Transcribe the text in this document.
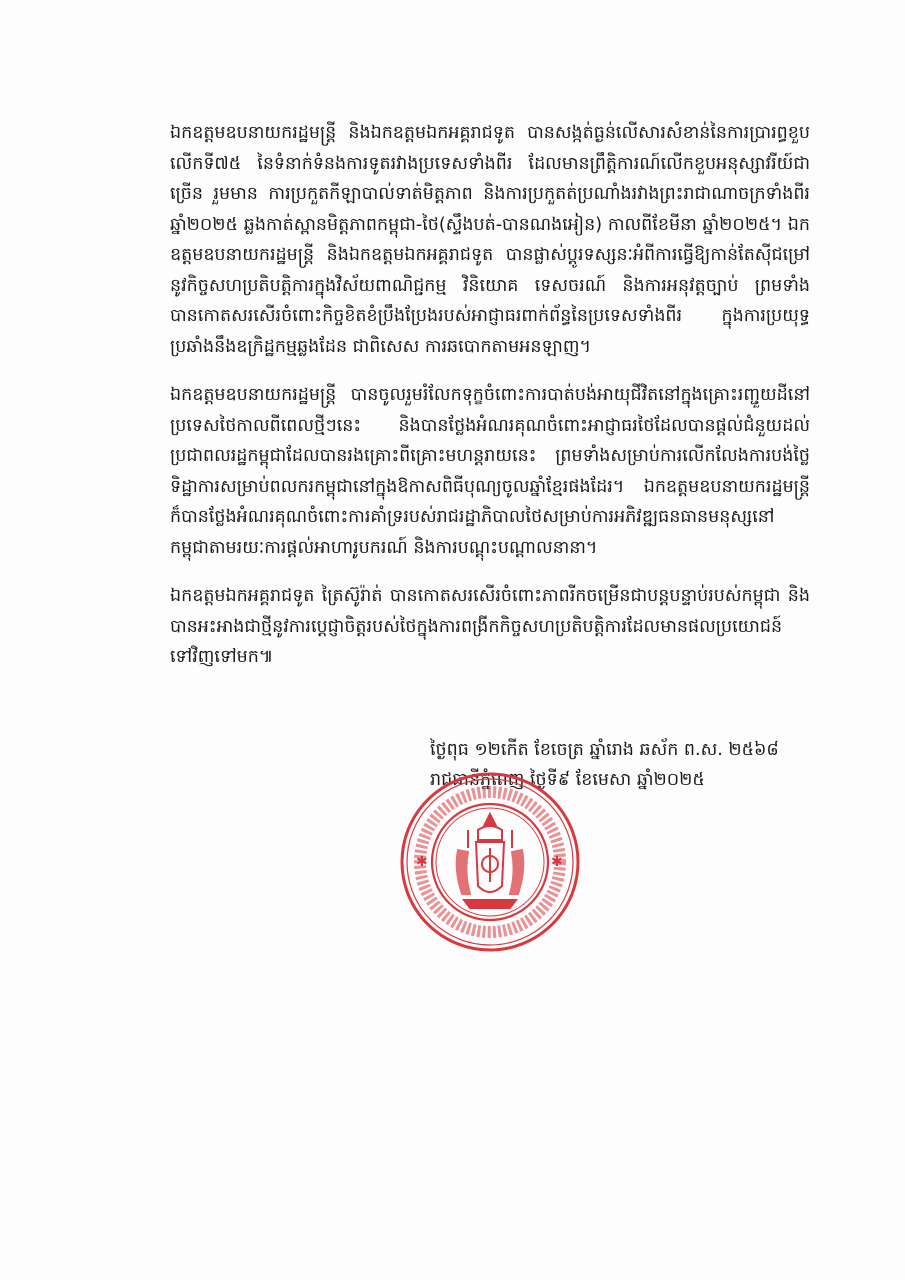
ឯកឧត្តមឧបនាយករដ្ឋមន្ត្រី និងឯកឧត្តមឯកអគ្គរាជទូត បានសង្កត់ធ្ងន់លើសារសំខាន់នៃការប្រារព្ធខួបលើកទី៧៥ នៃទំនាក់ទំនងការទូតរវាងប្រទេសទាំងពីរ ដែលមានព្រឹត្តិការណ៍លើកខួបអនុស្សាវរីយ៍ជាច្រើន រួមមាន ការប្រកួតកីឡាបាល់ទាត់មិត្តភាព និងការប្រកួតត់ប្រណាំងរវាងព្រះរាជាណាចក្រទាំងពីរ ឆ្នាំ២០២៥ ឆ្លងកាត់ស្ពានមិត្តភាពកម្ពុជា-ថៃ(ស្ទឹងបត់-បានណងអៀន) កាលពីខែមីនា ឆ្នាំ២០២៥។ ឯកឧត្តមឧបនាយករដ្ឋមន្ត្រី និងឯកឧត្តមឯកអគ្គរាជទូត បានផ្លាស់ប្តូរទស្សនៈអំពីការធ្វើឱ្យកាន់តែស៊ីជម្រៅនូវកិច្ចសហប្រតិបត្តិការក្នុងវិស័យពាណិជ្ជកម្ម វិនិយោគ ទេសចរណ៍ និងការអនុវត្តច្បាប់ ព្រមទាំងបានកោតសរសើរចំពោះកិច្ចខិតខំប្រឹងប្រែងរបស់អាជ្ញាធរពាក់ព័ន្ធនៃប្រទេសទាំងពីរ ក្នុងការប្រយុទ្ធប្រឆាំងនឹងឧក្រិដ្ឋកម្មឆ្លងដែន ជាពិសេស ការឆបោកតាមអនឡាញ។

ឯកឧត្តមឧបនាយករដ្ឋមន្ត្រី បានចូលរួមរំលែកទុក្ខចំពោះការបាត់បង់អាយុជីវិតនៅក្នុងគ្រោះរញ្ជួយដីនៅប្រទេសថៃកាលពីពេលថ្មីៗនេះ និងបានថ្លែងអំណរគុណចំពោះអាជ្ញាធរថៃដែលបានផ្តល់ជំនួយដល់ប្រជាពលរដ្ឋកម្ពុជាដែលបានរងគ្រោះពីគ្រោះមហន្តរាយនេះ ព្រមទាំងសម្រាប់ការលើកលែងការបង់ថ្លៃទិដ្ឋាការសម្រាប់ពលករកម្ពុជានៅក្នុងឱកាសពិធីបុណ្យចូលឆ្នាំខ្មែរផងដែរ។ ឯកឧត្តមឧបនាយករដ្ឋមន្ត្រីក៏បានថ្លែងអំណរគុណចំពោះការគាំទ្ររបស់រាជរដ្ឋាភិបាលថៃសម្រាប់ការអភិវឌ្ឍធនធានមនុស្សនៅកម្ពុជាតាមរយៈការផ្តល់អាហារូបករណ៍ និងការបណ្តុះបណ្តាលនានា។

ឯកឧត្តមឯកអគ្គរាជទូត ត្រៃស៊ូរ៉ាត់ បានកោតសរសើរចំពោះភាពរីកចម្រើនជាបន្តបន្ទាប់របស់កម្ពុជា និងបានអះអាងជាថ្មីនូវការប្តេជ្ញាចិត្តរបស់ថៃក្នុងការពង្រីកកិច្ចសហប្រតិបត្តិការដែលមានផលប្រយោជន៍ទៅវិញទៅមក៕

ថ្ងៃពុធ ១២កើត ខែចេត្រ ឆ្នាំរោង ឆស័ក ព.ស. ២៥៦៨
រាជធានីភ្នំពេញ ថ្ងៃទី៩ ខែមេសា ឆ្នាំ២០២៥
✱	✱
